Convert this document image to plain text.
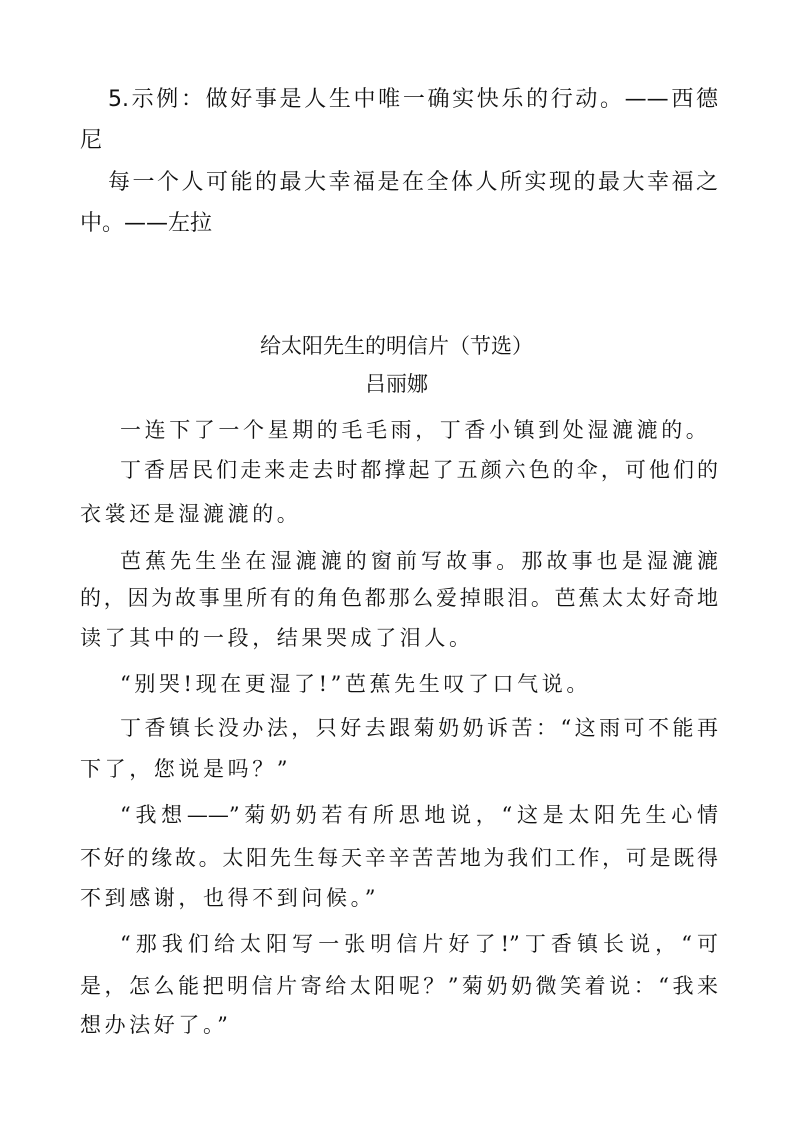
5.示例：做好事是人生中唯一确实快乐的行动。——西德
尼
每一个人可能的最大幸福是在全体人所实现的最大幸福之
中。——左拉
给太阳先生的明信片（节选）
吕丽娜
一连下了一个星期的毛毛雨，丁香小镇到处湿漉漉的。
丁香居民们走来走去时都撑起了五颜六色的伞，可他们的
衣裳还是湿漉漉的。
芭蕉先生坐在湿漉漉的窗前写故事。那故事也是湿漉漉
的，因为故事里所有的角色都那么爱掉眼泪。芭蕉太太好奇地
读了其中的一段，结果哭成了泪人。
“别哭!现在更湿了!”芭蕉先生叹了口气说。
丁香镇长没办法，只好去跟菊奶奶诉苦：“这雨可不能再
下了，您说是吗？”
“我想——”菊奶奶若有所思地说，“这是太阳先生心情
不好的缘故。太阳先生每天辛辛苦苦地为我们工作，可是既得
不到感谢，也得不到问候。”
“那我们给太阳写一张明信片好了!”丁香镇长说，“可
是，怎么能把明信片寄给太阳呢？”菊奶奶微笑着说：“我来
想办法好了。”
